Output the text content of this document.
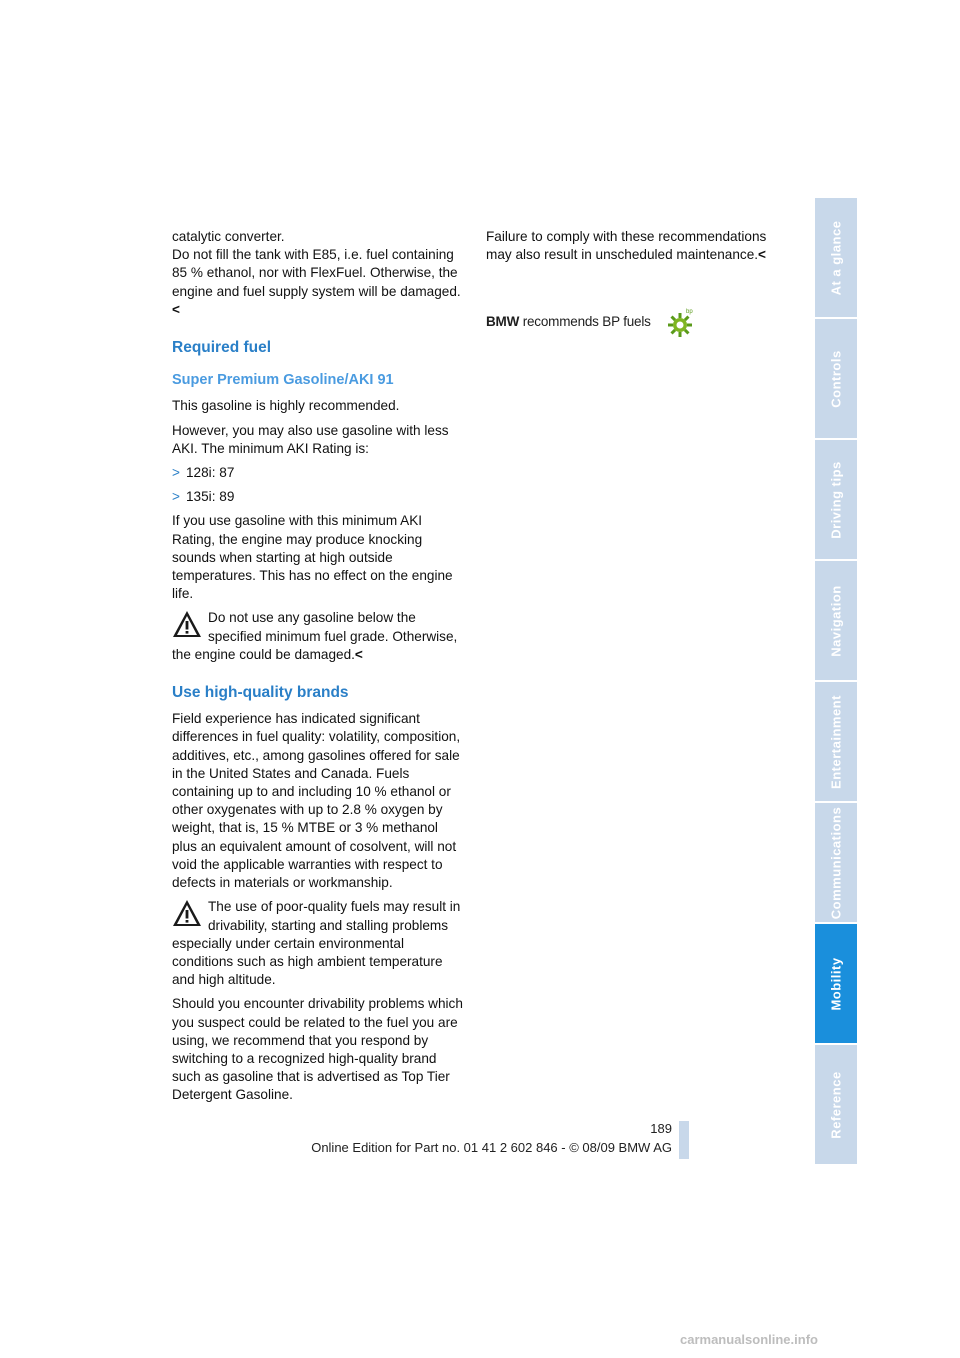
catalytic converter.

Do not fill the tank with E85, i.e. fuel containing 85 % ethanol, nor with FlexFuel. Otherwise, the engine and fuel supply system will be damaged.<

Required fuel
Super Premium Gasoline/AKI 91

This gasoline is highly recommended.

However, you may also use gasoline with less AKI. The minimum AKI Rating is:

> 128i: 87
> 135i: 89

If you use gasoline with this minimum AKI Rating, the engine may produce knocking sounds when starting at high outside temperatures. This has no effect on the engine life.

Do not use any gasoline below the specified minimum fuel grade. Otherwise, the engine could be damaged.<
Use high-quality brands

Field experience has indicated significant differences in fuel quality: volatility, composition, additives, etc., among gasolines offered for sale in the United States and Canada. Fuels containing up to and including 10 % ethanol or other oxygenates with up to 2.8 % oxygen by weight, that is, 15 % MTBE or 3 % methanol plus an equivalent amount of cosolvent, will not void the applicable warranties with respect to defects in materials or workmanship.

The use of poor-quality fuels may result in drivability, starting and stalling problems especially under certain environmental conditions such as high ambient temperature and high altitude.

Should you encounter drivability problems which you suspect could be related to the fuel you are using, we recommend that you respond by switching to a recognized high-quality brand such as gasoline that is advertised as Top Tier Detergent Gasoline.

Failure to comply with these recommendations may also result in unscheduled maintenance.<

BMW recommends BP fuels
bp
At a glance
Controls
Driving tips
Navigation
Entertainment
Communications
Mobility
Reference
189
Online Edition for Part no. 01 41 2 602 846 - © 08/09 BMW AG
carmanualsonline.info
